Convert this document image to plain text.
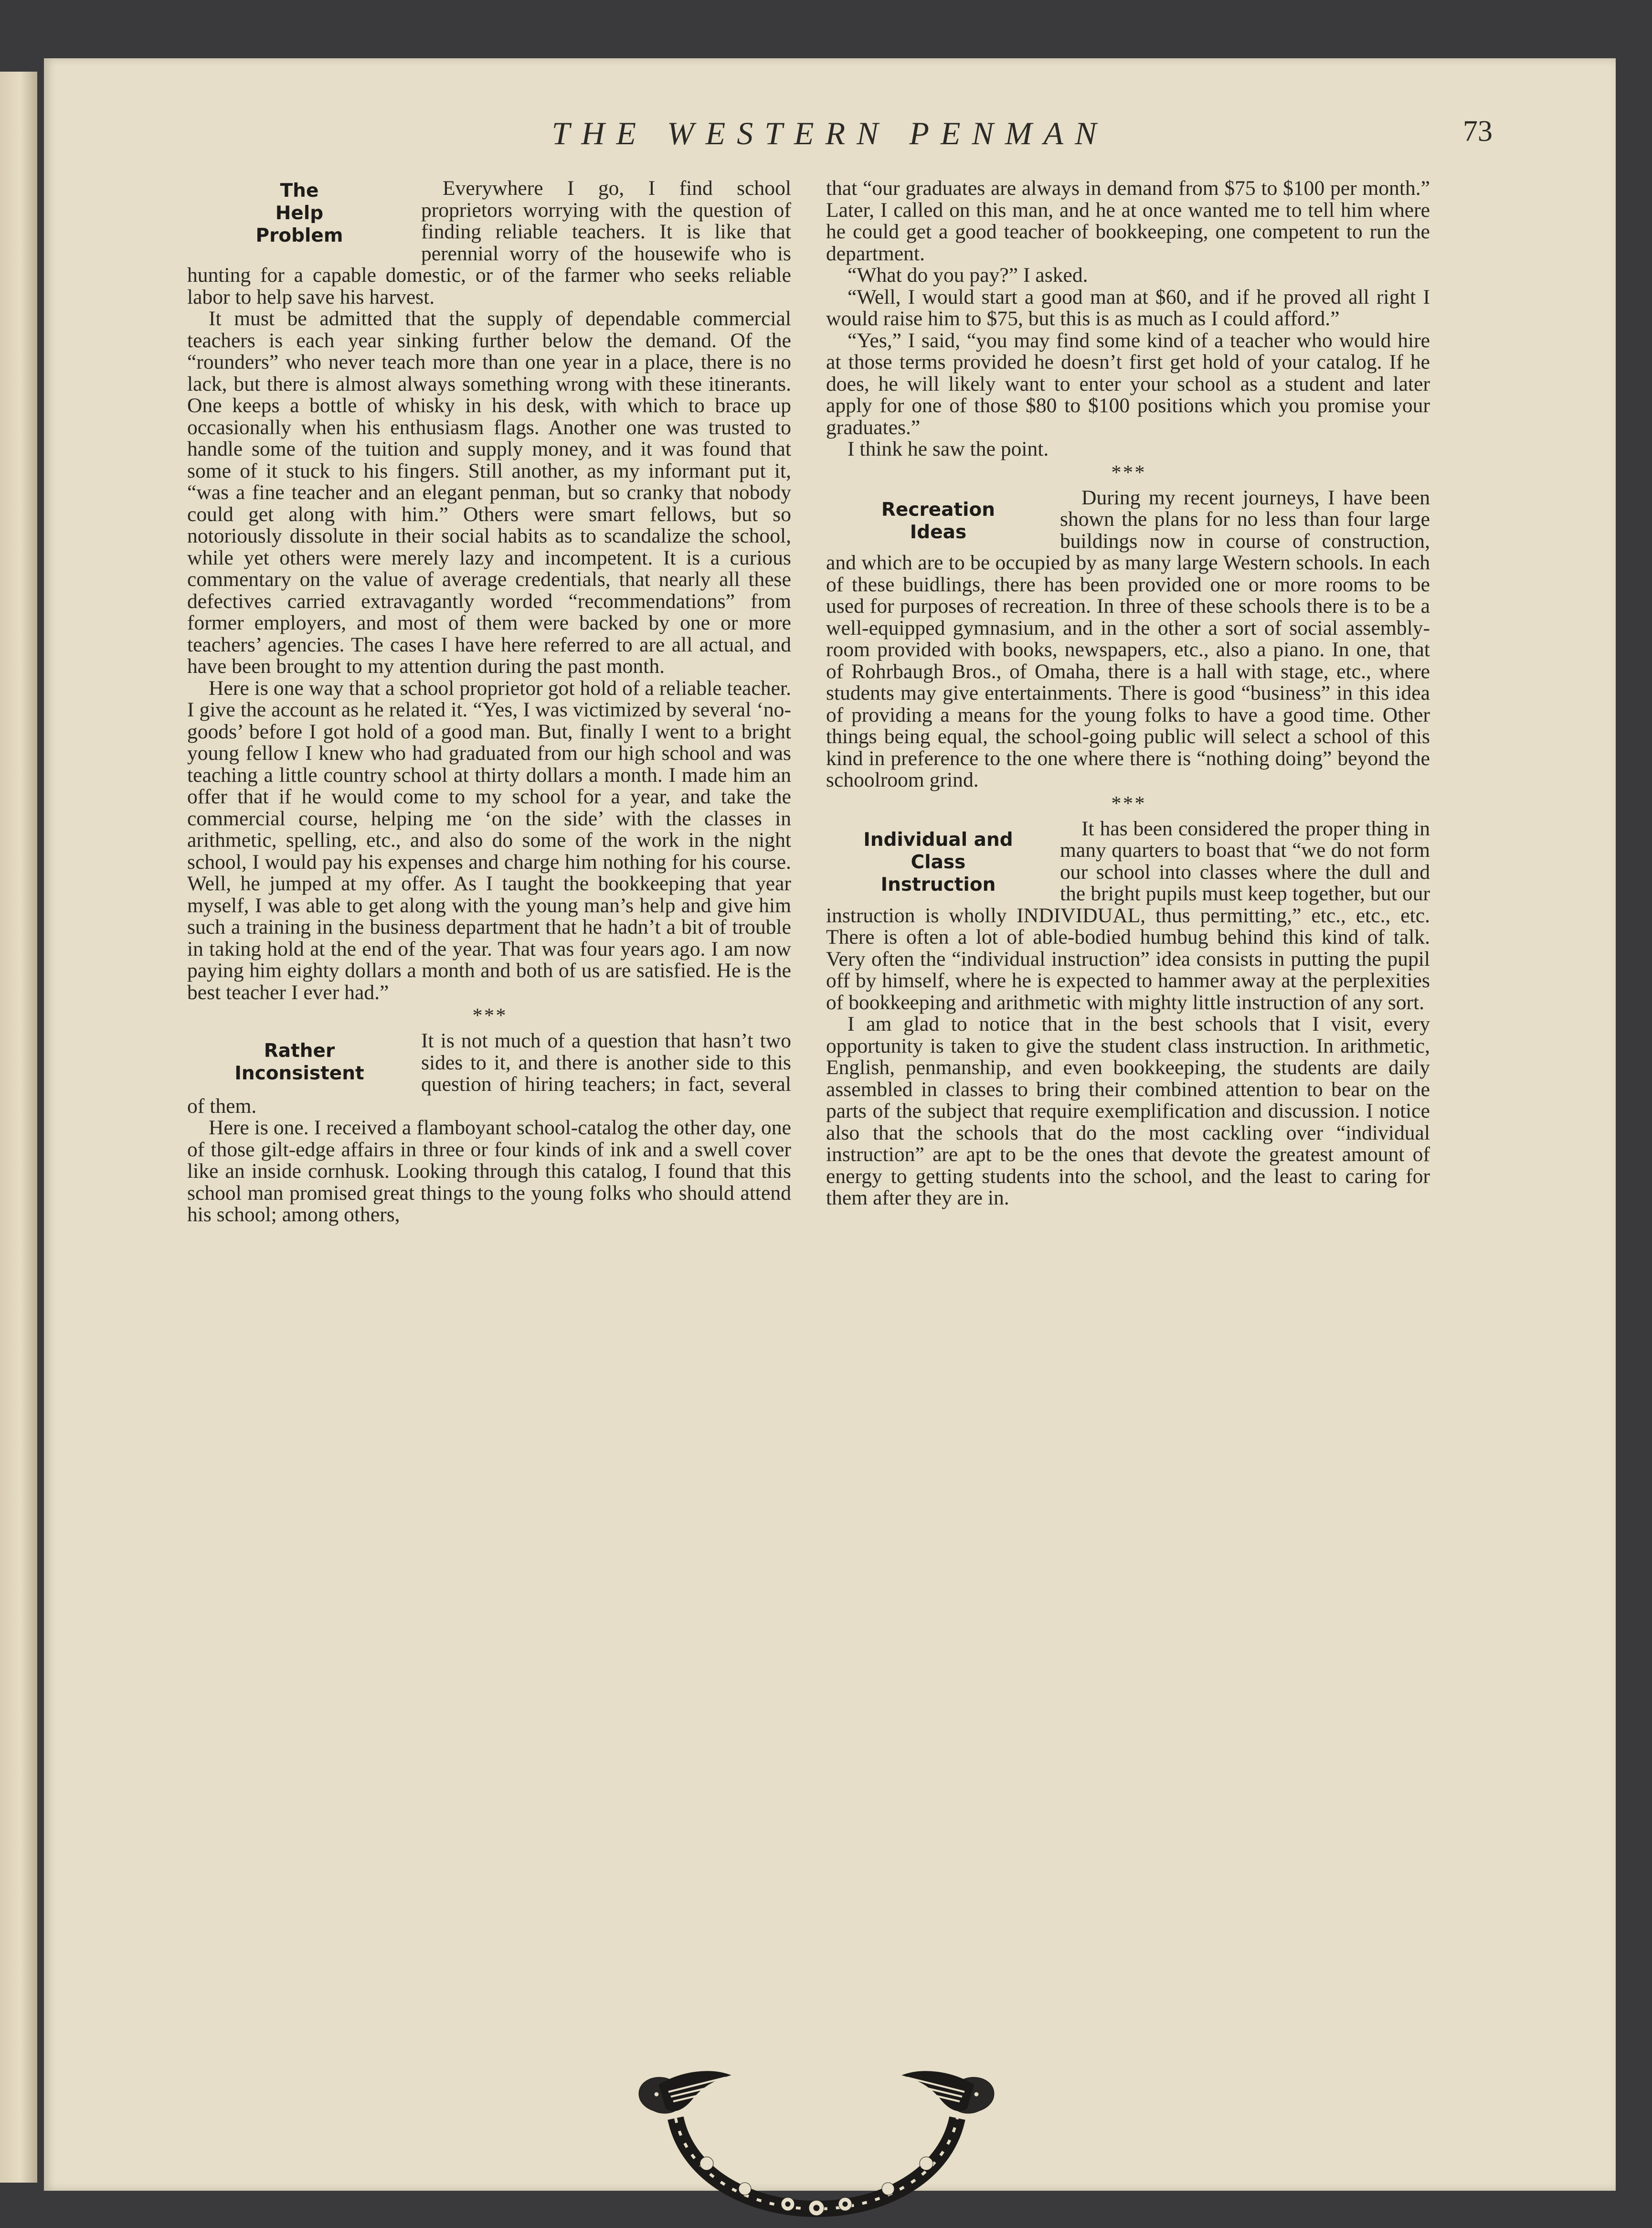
THE WESTERN PENMAN	73
The
Help
Problem

Everywhere I go, I find school proprietors worrying with the question of finding reliable teachers. It is like that perennial worry of the housewife who is hunting for a capable domestic, or of the farmer who seeks reliable labor to help save his harvest.

It must be admitted that the supply of dependable commercial teachers is each year sinking further below the demand. Of the “rounders” who never teach more than one year in a place, there is no lack, but there is almost always something wrong with these itinerants. One keeps a bottle of whisky in his desk, with which to brace up occasionally when his enthusiasm flags. Another one was trusted to handle some of the tuition and supply money, and it was found that some of it stuck to his fingers. Still another, as my informant put it, “was a fine teacher and an elegant penman, but so cranky that nobody could get along with him.” Others were smart fellows, but so notoriously dissolute in their social habits as to scandalize the school, while yet others were merely lazy and incompetent. It is a curious commentary on the value of average credentials, that nearly all these defectives carried extravagantly worded “recommendations” from former employers, and most of them were backed by one or more teachers’ agencies. The cases I have here referred to are all actual, and have been brought to my attention during the past month.

Here is one way that a school proprietor got hold of a reliable teacher. I give the account as he related it. “Yes, I was victimized by several ‘no-goods’ before I got hold of a good man. But, finally I went to a bright young fellow I knew who had graduated from our high school and was teaching a little country school at thirty dollars a month. I made him an offer that if he would come to my school for a year, and take the commercial course, helping me ‘on the side’ with the classes in arithmetic, spelling, etc., and also do some of the work in the night school, I would pay his expenses and charge him nothing for his course. Well, he jumped at my offer. As I taught the bookkeeping that year myself, I was able to get along with the young man’s help and give him such a training in the business department that he hadn’t a bit of trouble in taking hold at the end of the year. That was four years ago. I am now paying him eighty dollars a month and both of us are satisfied. He is the best teacher I ever had.”

* * *
Rather
Inconsistent

It is not much of a question that hasn’t two sides to it, and there is another side to this question of hiring teachers; in fact, several of them.

Here is one. I received a flamboyant school-catalog the other day, one of those gilt-edge affairs in three or four kinds of ink and a swell cover like an inside cornhusk. Looking through this catalog, I found that this school man promised great things to the young folks who should attend his school; among others,

that “our graduates are always in demand from $75 to $100 per month.” Later, I called on this man, and he at once wanted me to tell him where he could get a good teacher of bookkeeping, one competent to run the department.

“What do you pay?” I asked.

“Well, I would start a good man at $60, and if he proved all right I would raise him to $75, but this is as much as I could afford.”

“Yes,” I said, “you may find some kind of a teacher who would hire at those terms provided he doesn’t first get hold of your catalog. If he does, he will likely want to enter your school as a student and later apply for one of those $80 to $100 positions which you promise your graduates.”

I think he saw the point.

* * *
Recreation
Ideas

During my recent journeys, I have been shown the plans for no less than four large buildings now in course of construction, and which are to be occupied by as many large Western schools. In each of these buidlings, there has been provided one or more rooms to be used for purposes of recreation. In three of these schools there is to be a well-equipped gymnasium, and in the other a sort of social assembly-room provided with books, newspapers, etc., also a piano. In one, that of Rohrbaugh Bros., of Omaha, there is a hall with stage, etc., where students may give entertainments. There is good “business” in this idea of providing a means for the young folks to have a good time. Other things being equal, the school-going public will select a school of this kind in preference to the one where there is “nothing doing” beyond the schoolroom grind.

* * *
Individual and
Class
Instruction

It has been considered the proper thing in many quarters to boast that “we do not form our school into classes where the dull and the bright pupils must keep together, but our instruction is wholly INDIVIDUAL, thus permitting,” etc., etc., etc. There is often a lot of able-bodied humbug behind this kind of talk. Very often the “individual instruction” idea consists in putting the pupil off by himself, where he is expected to hammer away at the perplexities of bookkeeping and arithmetic with mighty little instruction of any sort.

I am glad to notice that in the best schools that I visit, every opportunity is taken to give the student class instruction. In arithmetic, English, penmanship, and even bookkeeping, the students are daily assembled in classes to bring their combined attention to bear on the parts of the subject that require exemplification and discussion. I notice also that the schools that do the most cackling over “individual instruction” are apt to be the ones that devote the greatest amount of energy to getting students into the school, and the least to caring for them after they are in.
